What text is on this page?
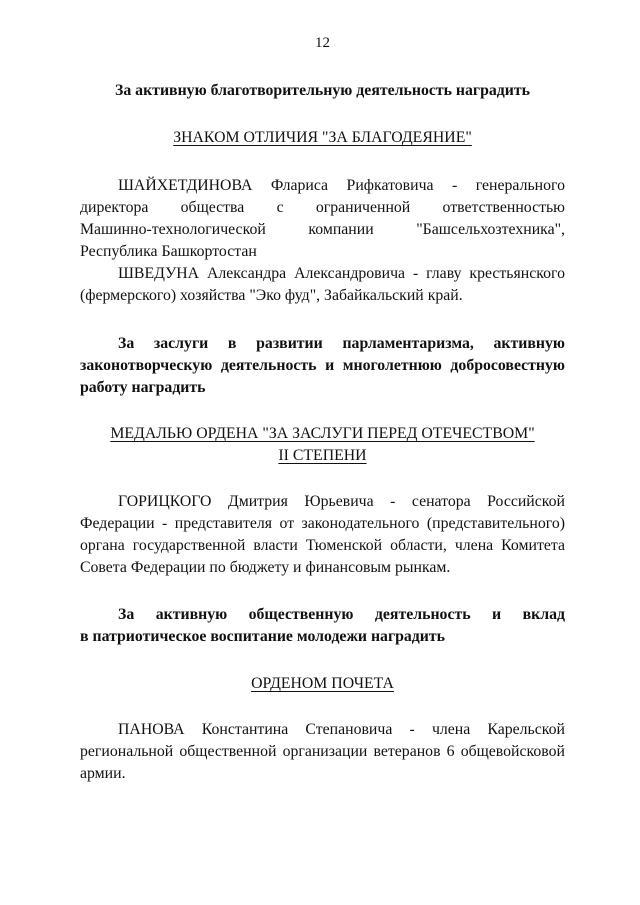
12
За активную благотворительную деятельность наградить
ЗНАКОМ ОТЛИЧИЯ "ЗА БЛАГОДЕЯНИЕ"
ШАЙХЕТДИНОВА Флариса Рифкатовича - генерального
директора общества с ограниченной ответственностью
Машинно-технологической компании "Башсельхозтехника",
Республика Башкортостан
ШВЕДУНА Александра Александровича - главу крестьянского
(фермерского) хозяйства "Эко фуд", Забайкальский край.
За заслуги в развитии парламентаризма, активную
законотворческую деятельность и многолетнюю добросовестную
работу наградить
МЕДАЛЬЮ ОРДЕНА "ЗА ЗАСЛУГИ ПЕРЕД ОТЕЧЕСТВОМ"
II СТЕПЕНИ
ГОРИЦКОГО Дмитрия Юрьевича - сенатора Российской
Федерации - представителя от законодательного (представительного)
органа государственной власти Тюменской области, члена Комитета
Совета Федерации по бюджету и финансовым рынкам.
За активную общественную деятельность и вклад
в патриотическое воспитание молодежи наградить
ОРДЕНОМ ПОЧЕТА
ПАНОВА Константина Степановича - члена Карельской
региональной общественной организации ветеранов 6 общевойсковой
армии.
